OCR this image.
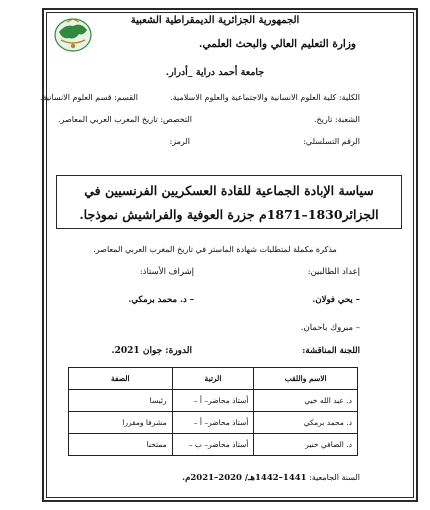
الجمهورية الجزائرية الديمقراطية الشعبية
وزارة التعليم العالي والبحث العلمي.
جامعة أحمد دراية _أدرار.
الكلية: كلية العلوم الانسانية والاجتماعية والعلوم الاسلامية.
القسم: قسم العلوم الانسانية.
الشعبة: تاريخ.
التخصص: تاريخ المغرب العربي المعاصر.
الرقم التسلسلي:
الرمز:
سياسة الإبادة الجماعية للقادة العسكريين الفرنسيين في
الجزائر1830–1871م جزرة العوفية والفراشيش نموذجا.
مذكرة مكملة لمتطلبات شهادة الماستر في تاريخ المغرب العربي المعاصر.
إعداد الطالبين:
إشراف الأستاذ:
– يحي فولان.
– د. محمد برمكي.
– مبروك باحمان.
اللجنة المناقشة:
الدورة: جوان 2021.
الاسم واللقب	الرتبة	الصفة
د. عبد الله خيي	أستاذ محاضر– أ –	رئيسا
د. محمد برمكي	أستاذ محاضر– أ –	مشرفا ومقررا
د. الصافي خنير	أستاذ محاضر– ب –	ممتحنا
السنة الجامعية: 1441–1442هـ/ 2020–2021م.
